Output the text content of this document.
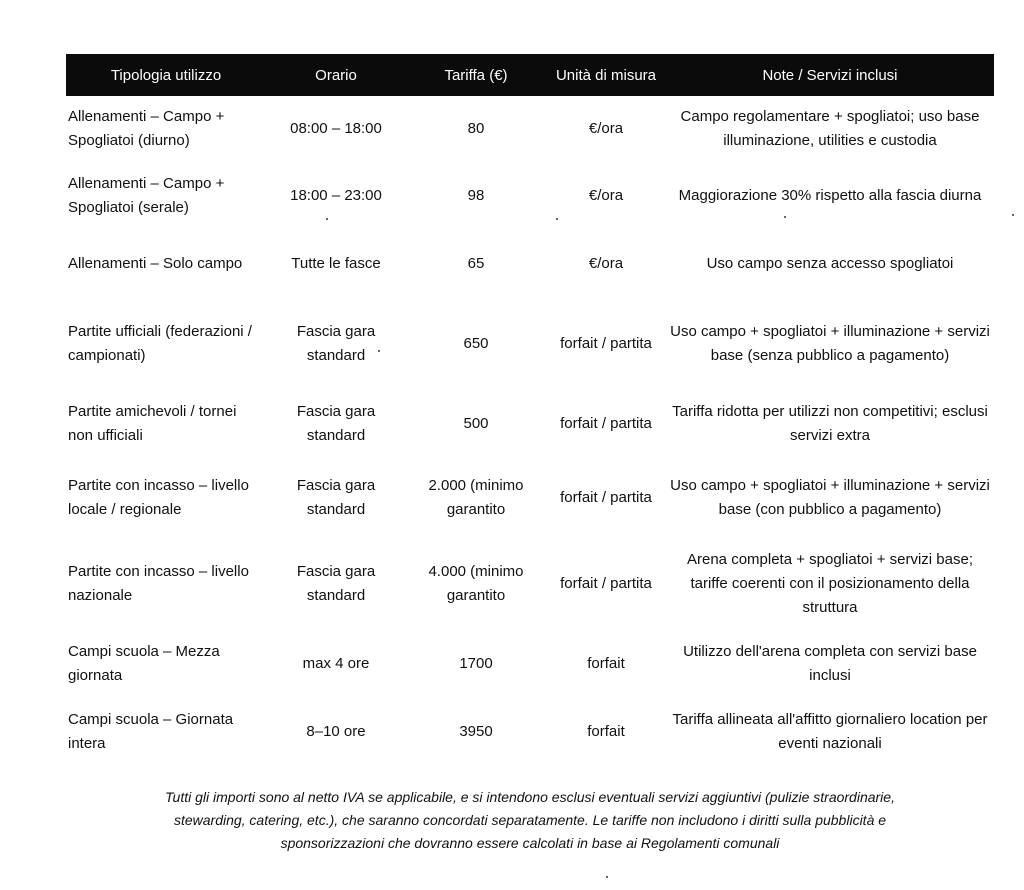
Tipologia utilizzo	Orario	Tariffa (€)	Unità di misura	Note / Servizi inclusi
Allenamenti – Campo + Spogliatoi (diurno)	08:00 – 18:00	80	€/ora	Campo regolamentare + spogliatoi; uso base illuminazione, utilities e custodia
Allenamenti – Campo + Spogliatoi (serale)	18:00 – 23:00	98	€/ora	Maggiorazione 30% rispetto alla fascia diurna
Allenamenti – Solo campo	Tutte le fasce	65	€/ora	Uso campo senza accesso spogliatoi
Partite ufficiali (federazioni / campionati)	Fascia gara standard	650	forfait / partita	Uso campo + spogliatoi + illuminazione + servizi base (senza pubblico a pagamento)
Partite amichevoli / tornei non ufficiali	Fascia gara standard	500	forfait / partita	Tariffa ridotta per utilizzi non competitivi; esclusi servizi extra
Partite con incasso – livello locale / regionale	Fascia gara standard	2.000 (minimo garantito	forfait / partita	Uso campo + spogliatoi + illuminazione + servizi base (con pubblico a pagamento)
Partite con incasso – livello nazionale	Fascia gara standard	4.000 (minimo garantito	forfait / partita	Arena completa + spogliatoi + servizi base; tariffe coerenti con il posizionamento della struttura
Campi scuola – Mezza giornata	max 4 ore	1700	forfait	Utilizzo dell'arena completa con servizi base inclusi
Campi scuola – Giornata intera	8–10 ore	3950	forfait	Tariffa allineata all'affitto giornaliero location per eventi nazionali
Tutti gli importi sono al netto IVA se applicabile, e si intendono esclusi eventuali servizi aggiuntivi (pulizie straordinarie,
stewarding, catering, etc.), che saranno concordati separatamente. Le tariffe non includono i diritti sulla pubblicità e
sponsorizzazioni che dovranno essere calcolati in base ai Regolamenti comunali
